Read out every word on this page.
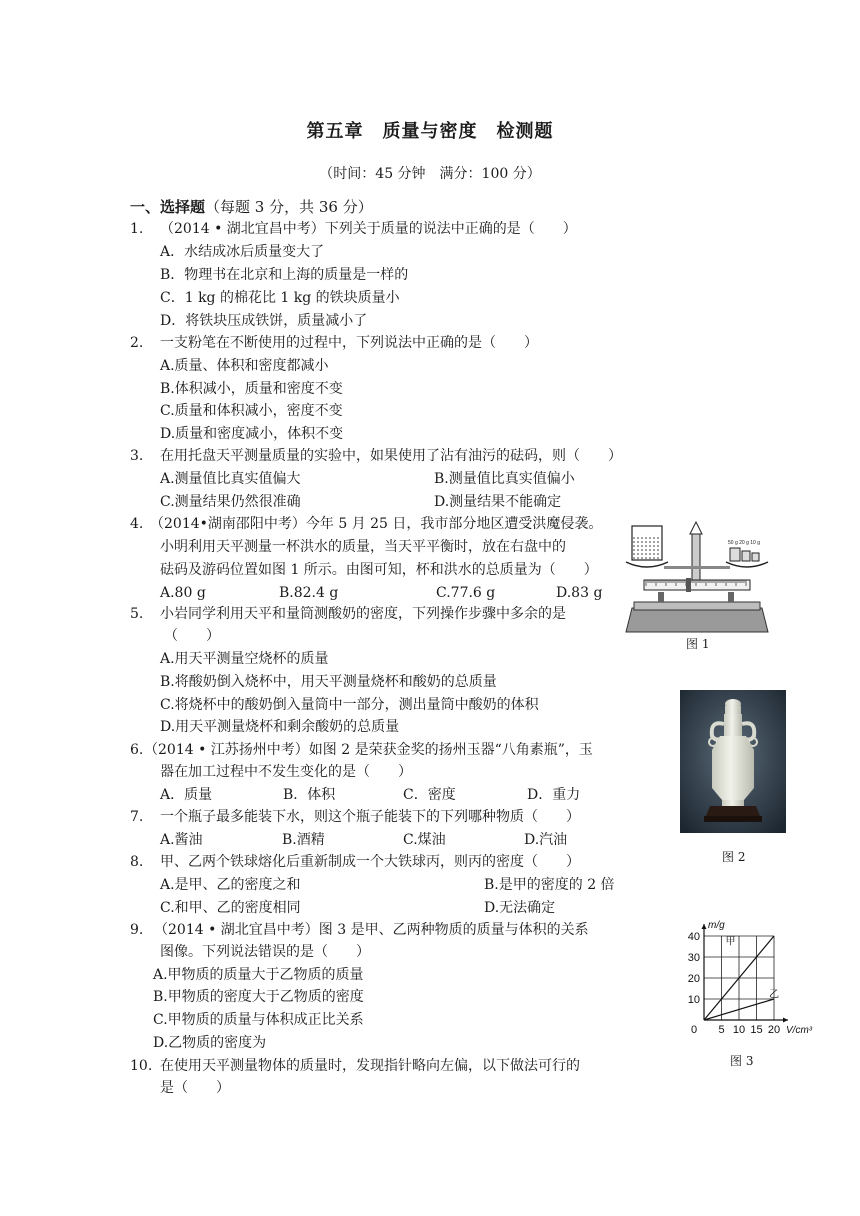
第五章　质量与密度　检测题
（时间：45 分钟　满分：100 分）
一、选择题（每题 3 分，共 36 分）
1. （2014 • 湖北宜昌中考）下列关于质量的说法中正确的是（　　）
A．水结成冰后质量变大了
B．物理书在北京和上海的质量是一样的
C．1 kg 的棉花比 1 kg 的铁块质量小
D．将铁块压成铁饼，质量减小了
2. 一支粉笔在不断使用的过程中，下列说法中正确的是（　　）
A.质量、体积和密度都减小
B.体积减小，质量和密度不变
C.质量和体积减小，密度不变
D.质量和密度减小，体积不变
3. 在用托盘天平测量质量的实验中，如果使用了沾有油污的砝码，则（　　）
A.测量值比真实值偏大	B.测量值比真实值偏小
C.测量结果仍然很准确	D.测量结果不能确定
4. （2014•湖南邵阳中考）今年 5 月 25 日，我市部分地区遭受洪魔侵袭。
小明利用天平测量一杯洪水的质量，当天平平衡时，放在右盘中的
砝码及游码位置如图 1 所示。由图可知，杯和洪水的总质量为（　　）
A.80 g	B.82.4 g	C.77.6 g	D.83 g
5. 小岩同学利用天平和量筒测酸奶的密度，下列操作步骤中多余的是
（　　）
A.用天平测量空烧杯的质量
B.将酸奶倒入烧杯中，用天平测量烧杯和酸奶的总质量
C.将烧杯中的酸奶倒入量筒中一部分，测出量筒中酸奶的体积
D.用天平测量烧杯和剩余酸奶的总质量
6. （2014 • 江苏扬州中考）如图 2 是荣获金奖的扬州玉器“八角素瓶”，玉
器在加工过程中不发生变化的是（　　）
A．质量	B．体积	C．密度	D．重力
7. 一个瓶子最多能装下水，则这个瓶子能装下的下列哪种物质（　　）
A.酱油	B.酒精	C.煤油	D.汽油
8. 甲、乙两个铁球熔化后重新制成一个大铁球丙，则丙的密度（　　）
A.是甲、乙的密度之和	B.是甲的密度的 2 倍
C.和甲、乙的密度相同	D.无法确定
9. （2014 • 湖北宜昌中考）图 3 是甲、乙两种物质的质量与体积的关系
图像。下列说法错误的是（　　）
A.甲物质的质量大于乙物质的质量
B.甲物质的密度大于乙物质的密度
C.甲物质的质量与体积成正比关系
D.乙物质的密度为
10. 在使用天平测量物体的质量时，发现指针略向左偏，以下做法可行的
是（　　）
50 g 20 g 10 g
图 1
图 2
0 5 10 15 20
10
20
30
40
V/cm³
m/g
甲
乙
图 3
